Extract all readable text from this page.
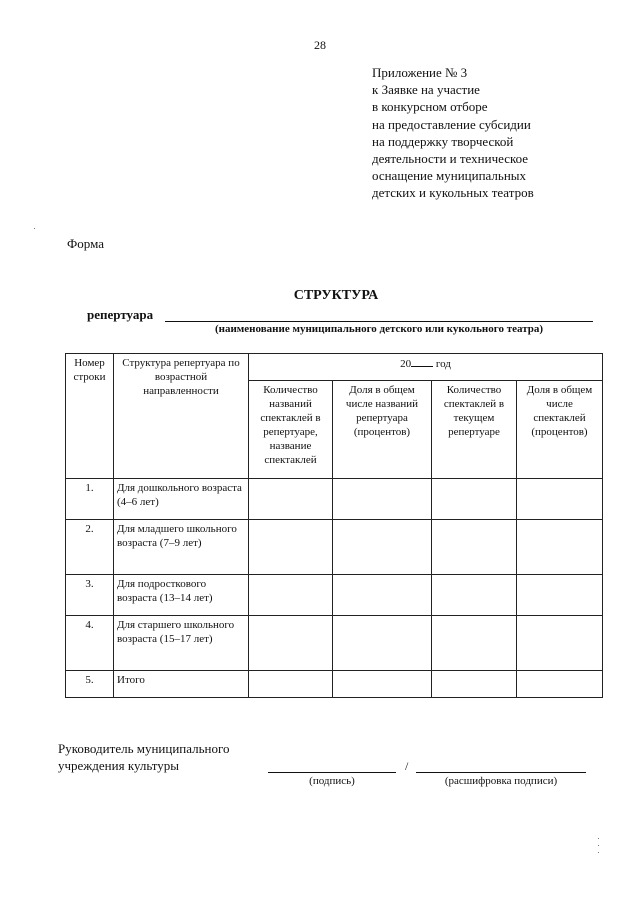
28
Приложение № 3
к Заявке на участие
в конкурсном отборе
на предоставление субсидии
на поддержку творческой
деятельности и техническое
оснащение муниципальных
детских и кукольных театров
Форма
СТРУКТУРА
репертуара
(наименование муниципального детского или кукольного театра)
Номер строки	Структура репертуара по возрастной направленности	20 год			
		Количество названий спектаклей в репертуаре, название спектаклей	Доля в общем числе названий репертуара (процентов)	Количество спектаклей в текущем репертуаре	Доля в общем числе спектаклей (процентов)
1.	Для дошкольного возраста (4–6 лет)				
2.	Для младшего школьного возраста (7–9 лет)				
3.	Для подросткового возраста (13–14 лет)				
4.	Для старшего школьного возраста (15–17 лет)				
5.	Итого				
Руководитель муниципального
учреждения культуры	/
(подпись)	(расшифровка подписи)
